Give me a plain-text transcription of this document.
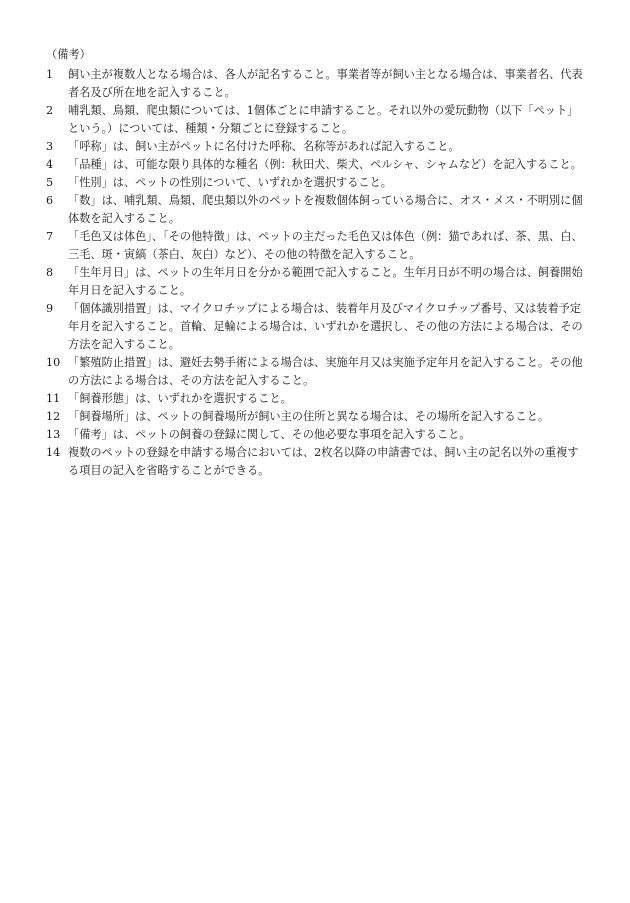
（備考）
1	飼い主が複数人となる場合は、各人が記名すること。事業者等が飼い主となる場合は、事業者名、代表者名及び所在地を記入すること。
2	哺乳類、鳥類、爬虫類については、1個体ごとに申請すること。それ以外の愛玩動物（以下「ペット」という。）については、種類・分類ごとに登録すること。
3	「呼称」は、飼い主がペットに名付けた呼称、名称等があれば記入すること。
4	「品種」は、可能な限り具体的な種名（例：秋田犬、柴犬、ペルシャ、シャムなど）を記入すること。
5	「性別」は、ペットの性別について、いずれかを選択すること。
6	「数」は、哺乳類、鳥類、爬虫類以外のペットを複数個体飼っている場合に、オス・メス・不明別に個体数を記入すること。
7	「毛色又は体色」、「その他特徴」は、ペットの主だった毛色又は体色（例：猫であれば、茶、黒、白、三毛、斑・寅縞（茶白、灰白）など）、その他の特徴を記入すること。
8	「生年月日」は、ペットの生年月日を分かる範囲で記入すること。生年月日が不明の場合は、飼養開始年月日を記入すること。
9	「個体識別措置」は、マイクロチップによる場合は、装着年月及びマイクロチップ番号、又は装着予定年月を記入すること。首輪、足輪による場合は、いずれかを選択し、その他の方法による場合は、その方法を記入すること。
10 「繁殖防止措置」は、避妊去勢手術による場合は、実施年月又は実施予定年月を記入すること。その他の方法による場合は、その方法を記入すること。
11 「飼養形態」は、いずれかを選択すること。
12 「飼養場所」は、ペットの飼養場所が飼い主の住所と異なる場合は、その場所を記入すること。
13 「備考」は、ペットの飼養の登録に関して、その他必要な事項を記入すること。
14 複数のペットの登録を申請する場合においては、2枚名以降の申請書では、飼い主の記名以外の重複する項目の記入を省略することができる。
